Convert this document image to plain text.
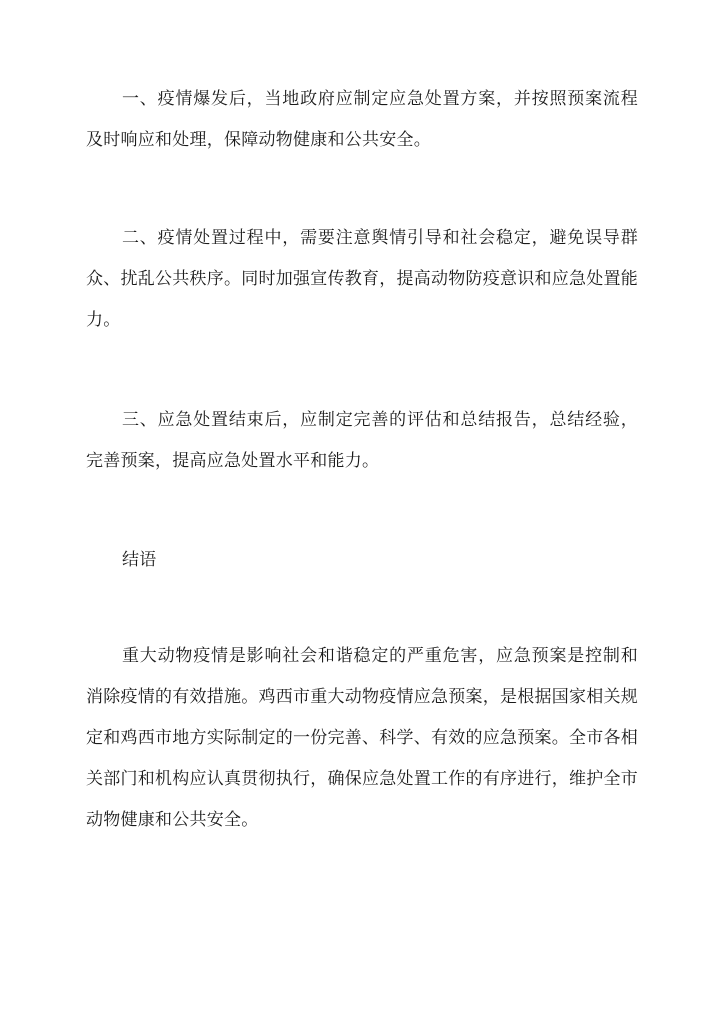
一、疫情爆发后，当地政府应制定应急处置方案，并按照预案流程及时响应和处理，保障动物健康和公共安全。

二、疫情处置过程中，需要注意舆情引导和社会稳定，避免误导群众、扰乱公共秩序。同时加强宣传教育，提高动物防疫意识和应急处置能力。

三、应急处置结束后，应制定完善的评估和总结报告，总结经验，完善预案，提高应急处置水平和能力。

结语

重大动物疫情是影响社会和谐稳定的严重危害，应急预案是控制和消除疫情的有效措施。鸡西市重大动物疫情应急预案，是根据国家相关规定和鸡西市地方实际制定的一份完善、科学、有效的应急预案。全市各相关部门和机构应认真贯彻执行，确保应急处置工作的有序进行，维护全市动物健康和公共安全。
